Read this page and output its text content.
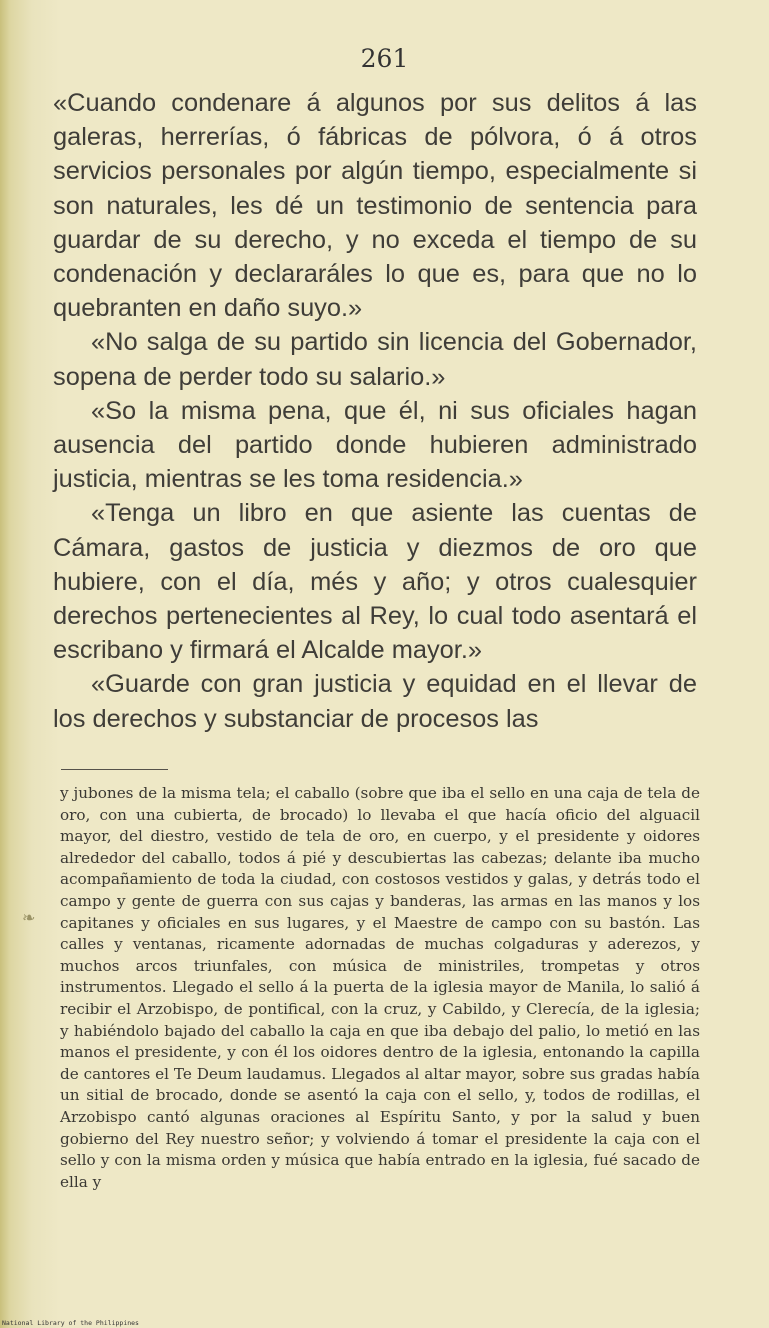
261

«Cuando condenare á algunos por sus delitos á las galeras, herrerías, ó fábricas de pólvora, ó á otros servicios personales por algún tiempo, especialmente si son naturales, les dé un testimonio de sentencia para guardar de su derecho, y no exceda el tiempo de su condenación y declararáles lo que es, para que no lo quebranten en daño suyo.»

«No salga de su partido sin licencia del Gobernador, sopena de perder todo su salario.»

«So la misma pena, que él, ni sus oficiales hagan ausencia del partido donde hubieren administrado justicia, mientras se les toma residencia.»

«Tenga un libro en que asiente las cuentas de Cámara, gastos de justicia y diezmos de oro que hubiere, con el día, més y año; y otros cualesquier derechos pertenecientes al Rey, lo cual todo asentará el escribano y firmará el Alcalde mayor.»

«Guarde con gran justicia y equidad en el llevar de los derechos y substanciar de procesos las

y jubones de la misma tela; el caballo (sobre que iba el sello en una caja de tela de oro, con una cubierta, de brocado) lo llevaba el que hacía oficio del alguacil mayor, del diestro, vestido de tela de oro, en cuerpo, y el presidente y oidores alrededor del caballo, todos á pié y descubiertas las cabezas; delante iba mucho acompañamiento de toda la ciudad, con costosos vestidos y galas, y detrás todo el campo y gente de guerra con sus cajas y banderas, las armas en las manos y los capitanes y oficiales en sus lugares, y el Maestre de campo con su bastón. Las calles y ventanas, ricamente adornadas de muchas colgaduras y aderezos, y muchos arcos triunfales, con música de ministriles, trompetas y otros instrumentos. Llegado el sello á la puerta de la iglesia mayor de Manila, lo salió á recibir el Arzobispo, de pontifical, con la cruz, y Cabildo, y Clerecía, de la iglesia; y habiéndolo bajado del caballo la caja en que iba debajo del palio, lo metió en las manos el presidente, y con él los oidores dentro de la iglesia, entonando la capilla de cantores el Te Deum laudamus. Llegados al altar mayor, sobre sus gradas había un sitial de brocado, donde se asentó la caja con el sello, y, todos de rodillas, el Arzobispo cantó algunas oraciones al Espíritu Santo, y por la salud y buen gobierno del Rey nuestro señor; y volviendo á tomar el presidente la caja con el sello y con la misma orden y música que había entrado en la iglesia, fué sacado de ella y

❧
National Library of the Philippines
